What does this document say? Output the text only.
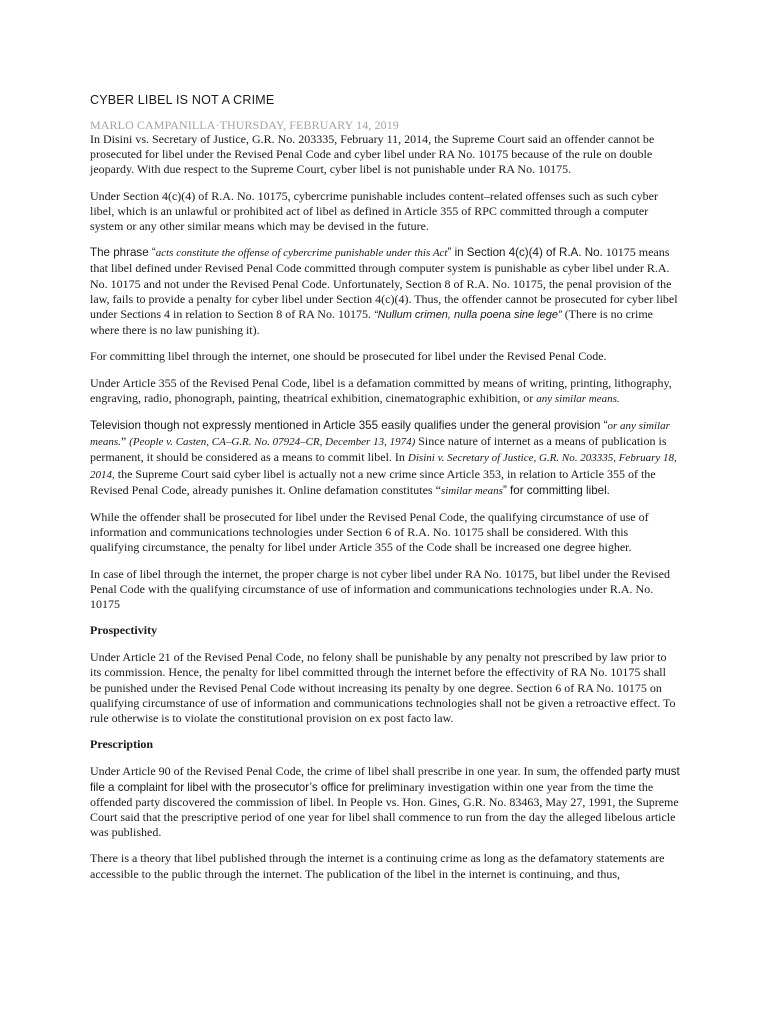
CYBER LIBEL IS NOT A CRIME
MARLO CAMPANILLA·THURSDAY, FEBRUARY 14, 2019

In Disini vs. Secretary of Justice, G.R. No. 203335, February 11, 2014, the Supreme Court said an offender cannot be prosecuted for libel under the Revised Penal Code and cyber libel under RA No. 10175 because of the rule on double jeopardy. With due respect to the Supreme Court, cyber libel is not punishable under RA No. 10175.

Under Section 4(c)(4) of R.A. No. 10175, cybercrime punishable includes content–related offenses such as such cyber libel, which is an unlawful or prohibited act of libel as defined in Article 355 of RPC committed through a computer system or any other similar means which may be devised in the future.

The phrase “acts constitute the offense of cybercrime punishable under this Act” in Section 4(c)(4) of R.A. No. 10175 means that libel defined under Revised Penal Code committed through computer system is punishable as cyber libel under R.A. No. 10175 and not under the Revised Penal Code. Unfortunately, Section 8 of R.A. No. 10175, the penal provision of the law, fails to provide a penalty for cyber libel under Section 4(c)(4). Thus, the offender cannot be prosecuted for cyber libel under Sections 4 in relation to Section 8 of RA No. 10175. “Nullum crimen, nulla poena sine lege” (There is no crime where there is no law punishing it).

For committing libel through the internet, one should be prosecuted for libel under the Revised Penal Code.

Under Article 355 of the Revised Penal Code, libel is a defamation committed by means of writing, printing, lithography, engraving, radio, phonograph, painting, theatrical exhibition, cinematographic exhibition, or any similar means.

Television though not expressly mentioned in Article 355 easily qualifies under the general provision “or any similar means.” (People v. Casten, CA–G.R. No. 07924–CR, December 13, 1974) Since nature of internet as a means of publication is permanent, it should be considered as a means to commit libel. In Disini v. Secretary of Justice, G.R. No. 203335, February 18, 2014, the Supreme Court said cyber libel is actually not a new crime since Article 353, in relation to Article 355 of the Revised Penal Code, already punishes it. Online defamation constitutes “similar means” for committing libel.

While the offender shall be prosecuted for libel under the Revised Penal Code, the qualifying circumstance of use of information and communications technologies under Section 6 of R.A. No. 10175 shall be considered. With this qualifying circumstance, the penalty for libel under Article 355 of the Code shall be increased one degree higher.

In case of libel through the internet, the proper charge is not cyber libel under RA No. 10175, but libel under the Revised Penal Code with the qualifying circumstance of use of information and communications technologies under R.A. No. 10175

Prospectivity

Under Article 21 of the Revised Penal Code, no felony shall be punishable by any penalty not prescribed by law prior to its commission. Hence, the penalty for libel committed through the internet before the effectivity of RA No. 10175 shall be punished under the Revised Penal Code without increasing its penalty by one degree. Section 6 of RA No. 10175 on qualifying circumstance of use of information and communications technologies shall not be given a retroactive effect. To rule otherwise is to violate the constitutional provision on ex post facto law.

Prescription

Under Article 90 of the Revised Penal Code, the crime of libel shall prescribe in one year. In sum, the offended party must file a complaint for libel with the prosecutor’s office for preliminary investigation within one year from the time the offended party discovered the commission of libel. In People vs. Hon. Gines, G.R. No. 83463, May 27, 1991, the Supreme Court said that the prescriptive period of one year for libel shall commence to run from the day the alleged libelous article was published.

There is a theory that libel published through the internet is a continuing crime as long as the defamatory statements are accessible to the public through the internet. The publication of the libel in the internet is continuing, and thus,
